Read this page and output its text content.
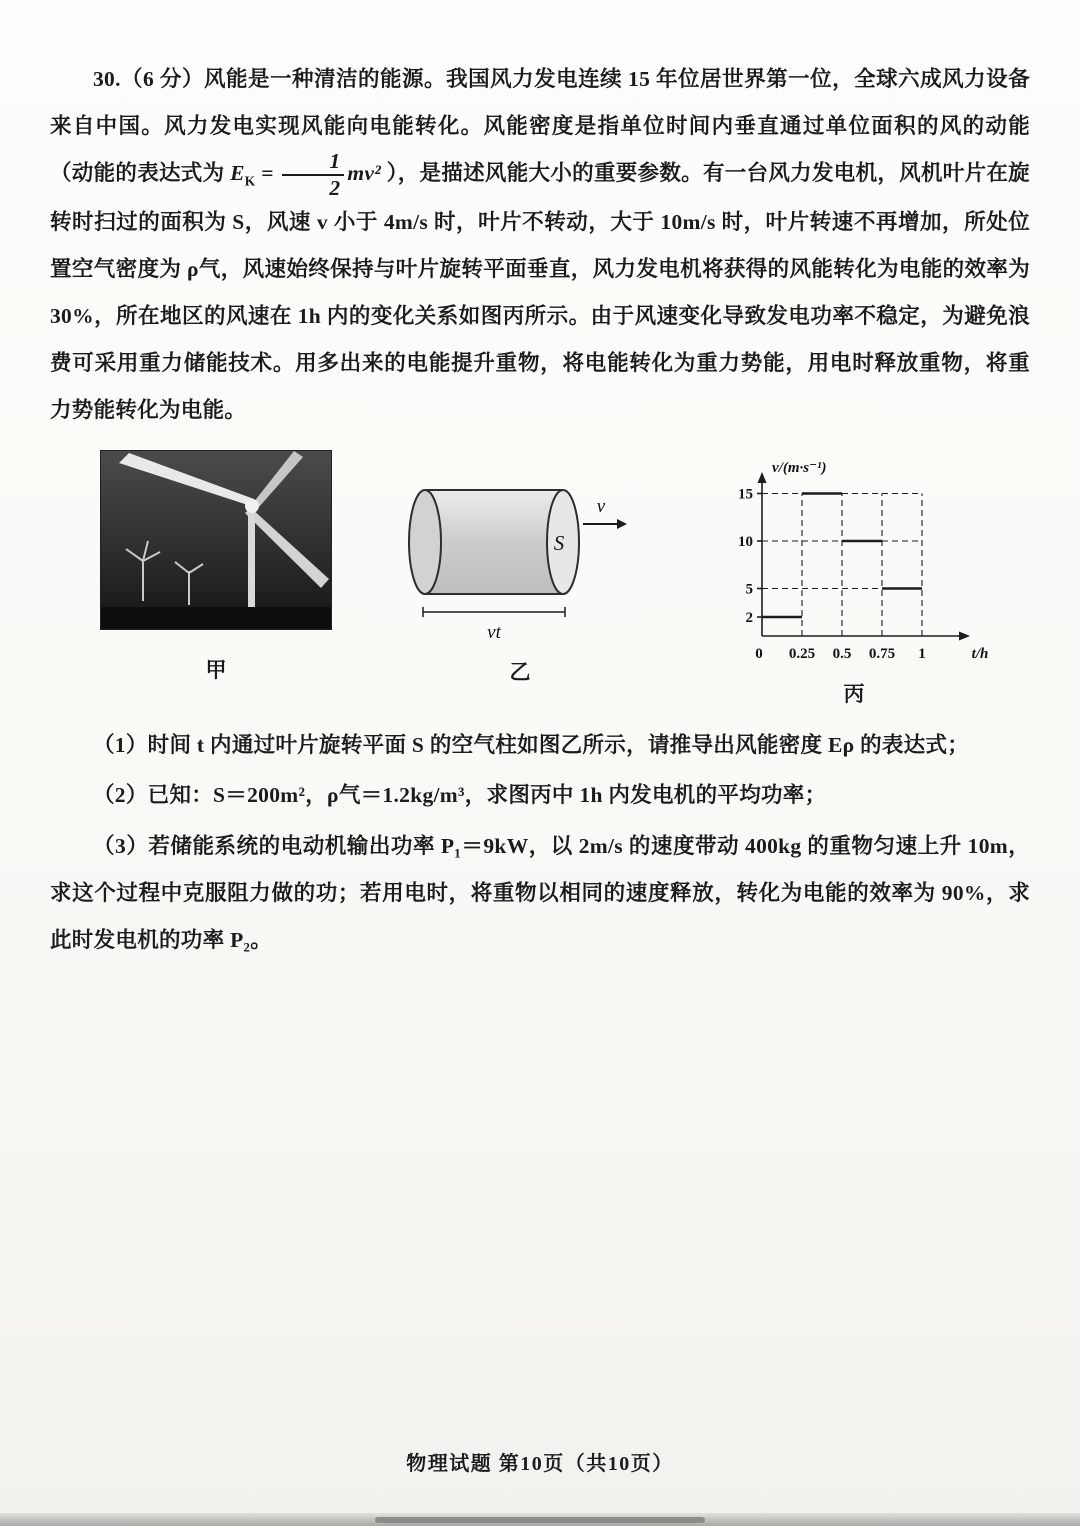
30.（6 分）风能是一种清洁的能源。我国风力发电连续 15 年位居世界第一位，全球六成风力设备来自中国。风力发电实现风能向电能转化。风能密度是指单位时间内垂直通过单位面积的风的动能（动能的表达式为 $E_K = \frac{1}{2} mv^2$ ），是描述风能大小的重要参数。有一台风力发电机，风机叶片在旋转时扫过的面积为 S，风速 v 小于 4m/s 时，叶片不转动，大于 10m/s 时，叶片转速不再增加，所处位置空气密度为 ρ气，风速始终保持与叶片旋转平面垂直，风力发电机将获得的风能转化为电能的效率为 30%，所在地区的风速在 1h 内的变化关系如图丙所示。由于风速变化导致发电功率不稳定，为避免浪费可采用重力储能技术。用多出来的电能提升重物，将电能转化为重力势能，用电时释放重物，将重力势能转化为电能。

甲
S
v
vt
乙
2
5
10
15
0 0.25 0.5 0.75 1
v/(m·s⁻¹)
t/h
丙

（1）时间 t 内通过叶片旋转平面 S 的空气柱如图乙所示，请推导出风能密度 Eρ 的表达式；

（2）已知：S＝200m²，ρ气＝1.2kg/m³，求图丙中 1h 内发电机的平均功率；

（3）若储能系统的电动机输出功率 P₁＝9kW，以 2m/s 的速度带动 400kg 的重物匀速上升 10m，求这个过程中克服阻力做的功；若用电时，将重物以相同的速度释放，转化为电能的效率为 90%，求此时发电机的功率 P₂。

物理试题 第10页（共10页）
